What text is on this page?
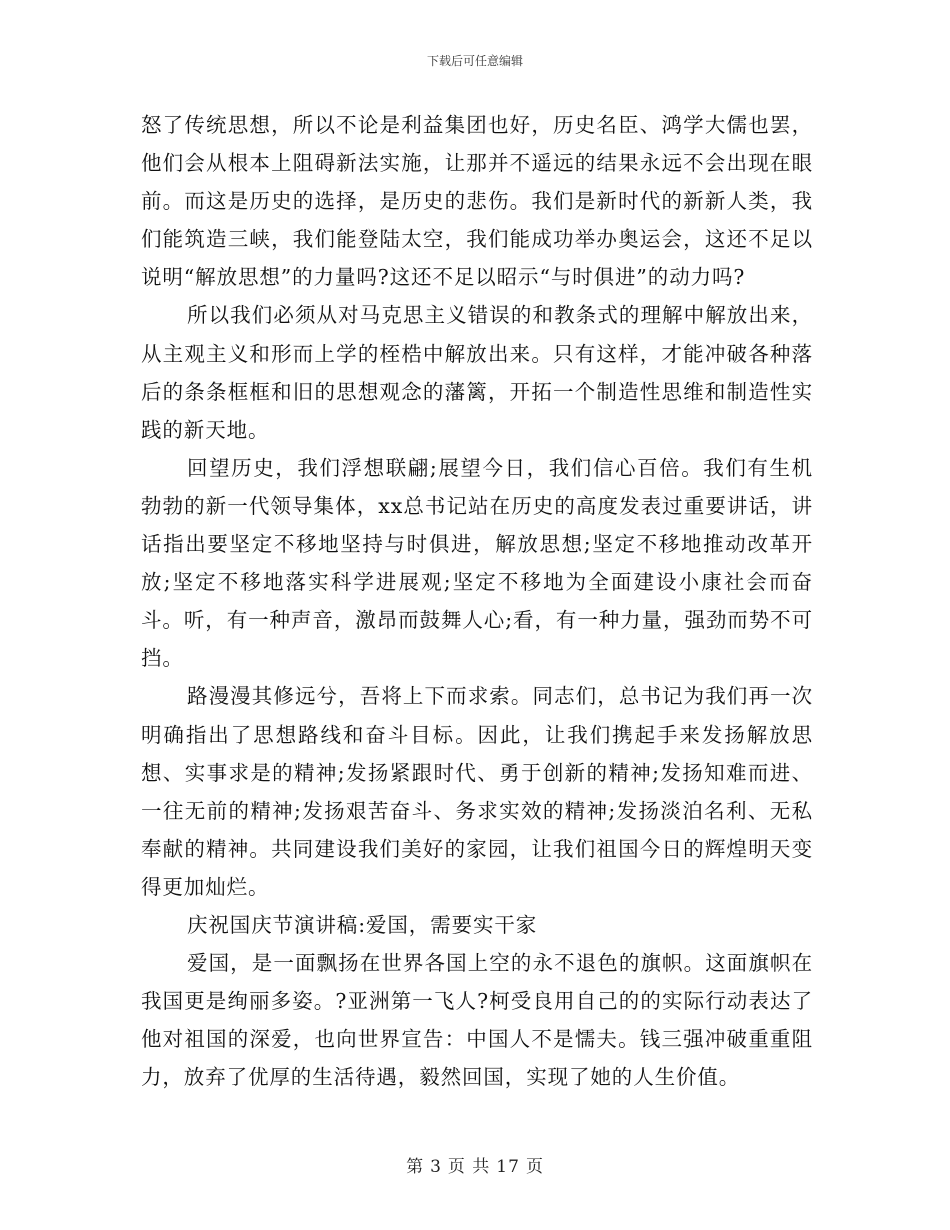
下载后可任意编辑

怒了传统思想，所以不论是利益集团也好，历史名臣、鸿学大儒也罢，他们会从根本上阻碍新法实施，让那并不遥远的结果永远不会出现在眼前。而这是历史的选择，是历史的悲伤。我们是新时代的新新人类，我们能筑造三峡，我们能登陆太空，我们能成功举办奥运会，这还不足以说明“解放思想”的力量吗?这还不足以昭示“与时俱进”的动力吗?

所以我们必须从对马克思主义错误的和教条式的理解中解放出来，从主观主义和形而上学的桎梏中解放出来。只有这样，才能冲破各种落后的条条框框和旧的思想观念的藩篱，开拓一个制造性思维和制造性实践的新天地。

回望历史，我们浮想联翩;展望今日，我们信心百倍。我们有生机勃勃的新一代领导集体，xx总书记站在历史的高度发表过重要讲话，讲话指出要坚定不移地坚持与时俱进，解放思想;坚定不移地推动改革开放;坚定不移地落实科学进展观;坚定不移地为全面建设小康社会而奋斗。听，有一种声音，激昂而鼓舞人心;看，有一种力量，强劲而势不可挡。

路漫漫其修远兮，吾将上下而求索。同志们，总书记为我们再一次明确指出了思想路线和奋斗目标。因此，让我们携起手来发扬解放思想、实事求是的精神;发扬紧跟时代、勇于创新的精神;发扬知难而进、一往无前的精神;发扬艰苦奋斗、务求实效的精神;发扬淡泊名利、无私奉献的精神。共同建设我们美好的家园，让我们祖国今日的辉煌明天变得更加灿烂。

庆祝国庆节演讲稿:爱国，需要实干家

爱国，是一面飘扬在世界各国上空的永不退色的旗帜。这面旗帜在我国更是绚丽多姿。?亚洲第一飞人?柯受良用自己的的实际行动表达了他对祖国的深爱，也向世界宣告：中国人不是懦夫。钱三强冲破重重阻力，放弃了优厚的生活待遇，毅然回国，实现了她的人生价值。

第 3 页 共 17 页
